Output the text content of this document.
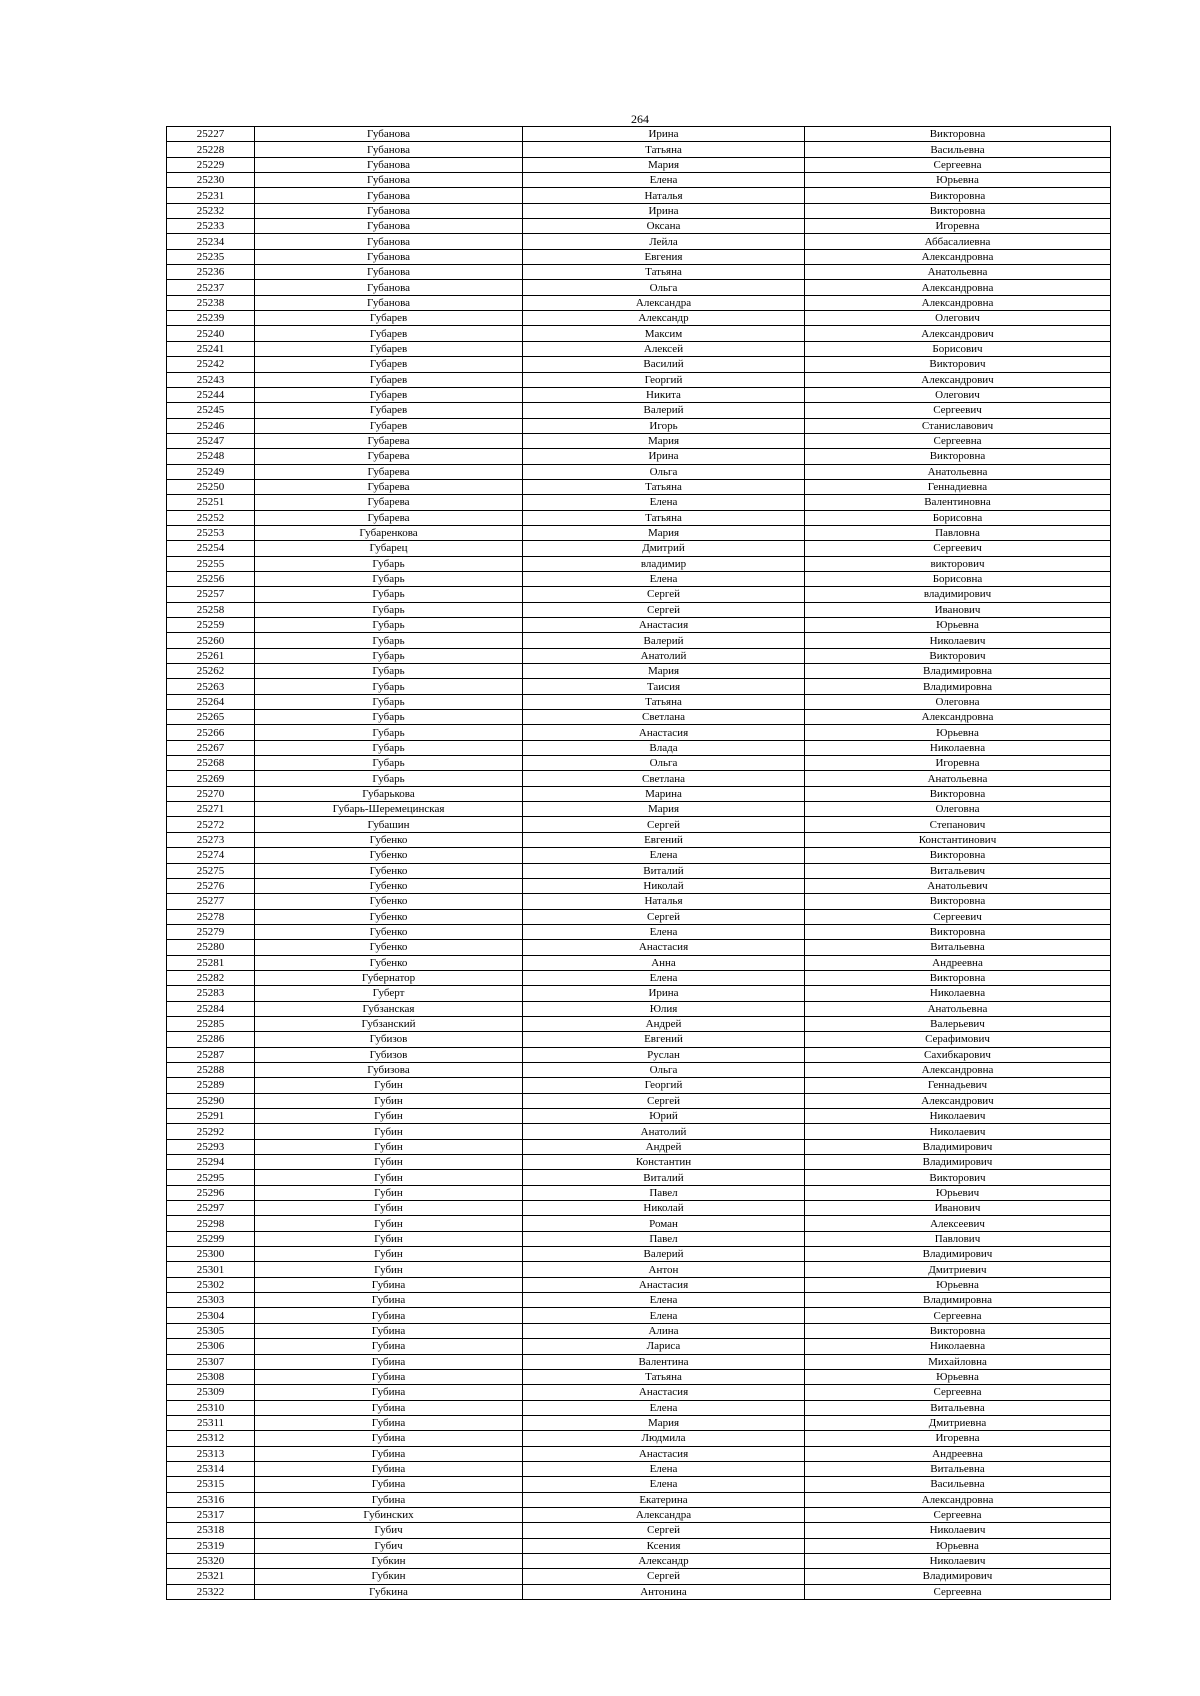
264
25227	Губанова	Ирина	Викторовна
25228	Губанова	Татьяна	Васильевна
25229	Губанова	Мария	Сергеевна
25230	Губанова	Елена	Юрьевна
25231	Губанова	Наталья	Викторовна
25232	Губанова	Ирина	Викторовна
25233	Губанова	Оксана	Игоревна
25234	Губанова	Лейла	Аббасалиевна
25235	Губанова	Евгения	Александровна
25236	Губанова	Татьяна	Анатольевна
25237	Губанова	Ольга	Александровна
25238	Губанова	Александра	Александровна
25239	Губарев	Александр	Олегович
25240	Губарев	Максим	Александрович
25241	Губарев	Алексей	Борисович
25242	Губарев	Василий	Викторович
25243	Губарев	Георгий	Александрович
25244	Губарев	Никита	Олегович
25245	Губарев	Валерий	Сергеевич
25246	Губарев	Игорь	Станиславович
25247	Губарева	Мария	Сергеевна
25248	Губарева	Ирина	Викторовна
25249	Губарева	Ольга	Анатольевна
25250	Губарева	Татьяна	Геннадиевна
25251	Губарева	Елена	Валентиновна
25252	Губарева	Татьяна	Борисовна
25253	Губаренкова	Мария	Павловна
25254	Губарец	Дмитрий	Сергеевич
25255	Губарь	владимир	викторович
25256	Губарь	Елена	Борисовна
25257	Губарь	Сергей	владимирович
25258	Губарь	Сергей	Иванович
25259	Губарь	Анастасия	Юрьевна
25260	Губарь	Валерий	Николаевич
25261	Губарь	Анатолий	Викторович
25262	Губарь	Мария	Владимировна
25263	Губарь	Таисия	Владимировна
25264	Губарь	Татьяна	Олеговна
25265	Губарь	Светлана	Александровна
25266	Губарь	Анастасия	Юрьевна
25267	Губарь	Влада	Николаевна
25268	Губарь	Ольга	Игоревна
25269	Губарь	Светлана	Анатольевна
25270	Губарькова	Марина	Викторовна
25271	Губарь-Шеремецинская	Мария	Олеговна
25272	Губашин	Сергей	Степанович
25273	Губенко	Евгений	Константинович
25274	Губенко	Елена	Викторовна
25275	Губенко	Виталий	Витальевич
25276	Губенко	Николай	Анатольевич
25277	Губенко	Наталья	Викторовна
25278	Губенко	Сергей	Сергеевич
25279	Губенко	Елена	Викторовна
25280	Губенко	Анастасия	Витальевна
25281	Губенко	Анна	Андреевна
25282	Губернатор	Елена	Викторовна
25283	Губерт	Ирина	Николаевна
25284	Губзанская	Юлия	Анатольевна
25285	Губзанский	Андрей	Валерьевич
25286	Губизов	Евгений	Серафимович
25287	Губизов	Руслан	Сахибкарович
25288	Губизова	Ольга	Александровна
25289	Губин	Георгий	Геннадьевич
25290	Губин	Сергей	Александрович
25291	Губин	Юрий	Николаевич
25292	Губин	Анатолий	Николаевич
25293	Губин	Андрей	Владимирович
25294	Губин	Константин	Владимирович
25295	Губин	Виталий	Викторович
25296	Губин	Павел	Юрьевич
25297	Губин	Николай	Иванович
25298	Губин	Роман	Алексеевич
25299	Губин	Павел	Павлович
25300	Губин	Валерий	Владимирович
25301	Губин	Антон	Дмитриевич
25302	Губина	Анастасия	Юрьевна
25303	Губина	Елена	Владимировна
25304	Губина	Елена	Сергеевна
25305	Губина	Алина	Викторовна
25306	Губина	Лариса	Николаевна
25307	Губина	Валентина	Михайловна
25308	Губина	Татьяна	Юрьевна
25309	Губина	Анастасия	Сергеевна
25310	Губина	Елена	Витальевна
25311	Губина	Мария	Дмитриевна
25312	Губина	Людмила	Игоревна
25313	Губина	Анастасия	Андреевна
25314	Губина	Елена	Витальевна
25315	Губина	Елена	Васильевна
25316	Губина	Екатерина	Александровна
25317	Губинских	Александра	Сергеевна
25318	Губич	Сергей	Николаевич
25319	Губич	Ксения	Юрьевна
25320	Губкин	Александр	Николаевич
25321	Губкин	Сергей	Владимирович
25322	Губкина	Антонина	Сергеевна
